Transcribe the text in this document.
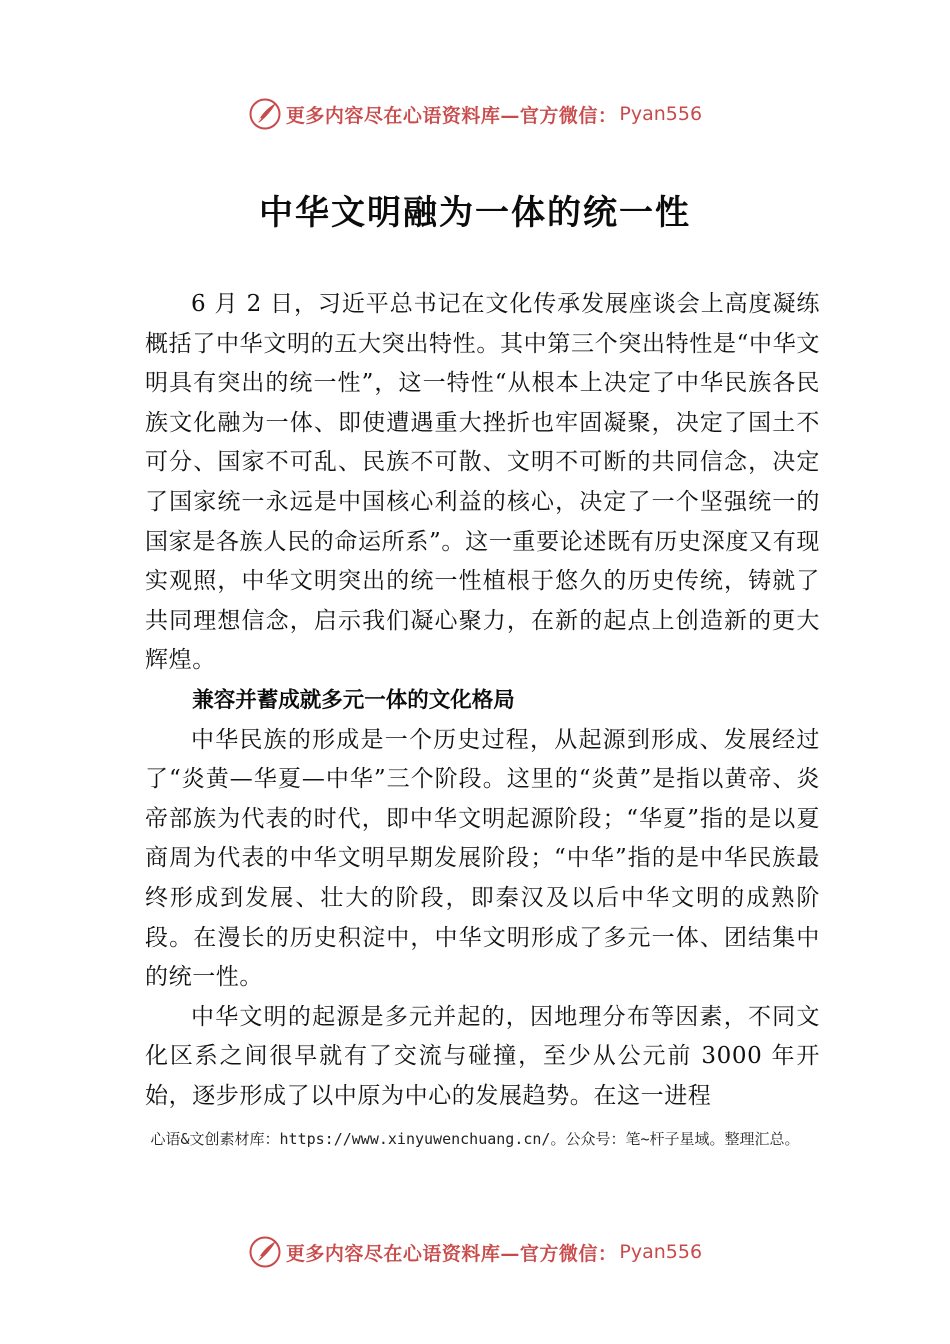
更多内容尽在心语资料库—官方微信： Pyan556
中华文明融为一体的统一性

6 月 2 日，习近平总书记在文化传承发展座谈会上高度凝练概括了中华文明的五大突出特性。其中第三个突出特性是“中华文明具有突出的统一性”，这一特性“从根本上决定了中华民族各民族文化融为一体、即使遭遇重大挫折也牢固凝聚，决定了国土不可分、国家不可乱、民族不可散、文明不可断的共同信念，决定了国家统一永远是中国核心利益的核心，决定了一个坚强统一的国家是各族人民的命运所系”。这一重要论述既有历史深度又有现实观照，中华文明突出的统一性植根于悠久的历史传统，铸就了共同理想信念，启示我们凝心聚力，在新的起点上创造新的更大辉煌。

兼容并蓄成就多元一体的文化格局

中华民族的形成是一个历史过程，从起源到形成、发展经过了“炎黄—华夏—中华”三个阶段。这里的“炎黄”是指以黄帝、炎帝部族为代表的时代，即中华文明起源阶段；“华夏”指的是以夏商周为代表的中华文明早期发展阶段；“中华”指的是中华民族最终形成到发展、壮大的阶段，即秦汉及以后中华文明的成熟阶段。在漫长的历史积淀中，中华文明形成了多元一体、团结集中的统一性。

中华文明的起源是多元并起的，因地理分布等因素，不同文化区系之间很早就有了交流与碰撞，至少从公元前 3000 年开始，逐步形成了以中原为中心的发展趋势。在这一进程

心语&文创素材库：https://www.xinyuwenchuang.cn/。公众号：笔~杆子星域。整理汇总。
更多内容尽在心语资料库—官方微信： Pyan556
